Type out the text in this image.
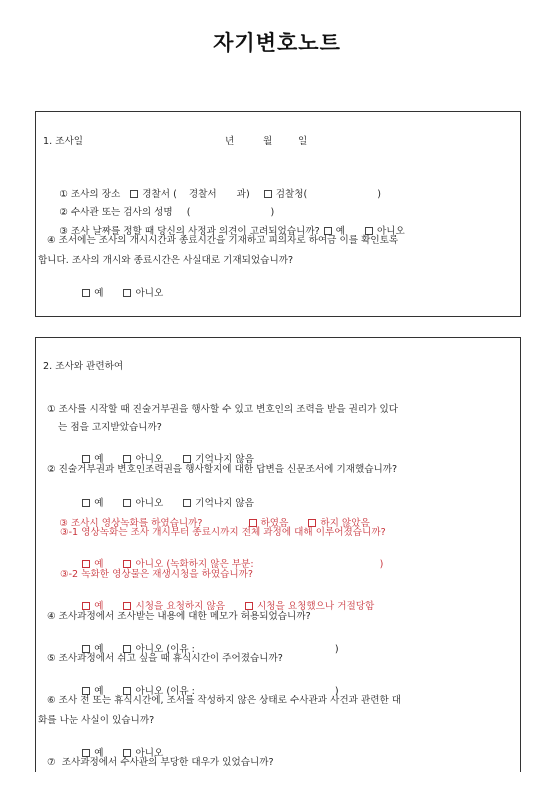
자기변호노트
1. 조사일	년	월	일

① 조사의 장소 경찰서 ( 경찰서 과)	검찰청(	)

② 수사관 또는 검사의 성명 (	)

③ 조사 날짜를 정할 때 당신의 사정과 의견이 고려되었습니까? 예	아니오

④ 조서에는 조사의 개시시간과 종료시간을 기재하고 피의자로 하여금 이를 확인토록
합니다. 조사의 개시와 종료시간은 사실대로 기재되었습니까?

예	아니오

2. 조사와 관련하여
① 조사를 시작할 때 진술거부권을 행사할 수 있고 변호인의 조력을 받을 권리가 있다
는 점을 고지받았습니까?

예	아니오	기억나지 않음

② 진술거부권과 변호인조력권을 행사할지에 대한 답변을 신문조서에 기재했습니까?

예	아니오	기억나지 않음

③ 조사시 영상녹화를 하였습니까?	하였음	하지 않았음

③-1 영상녹화는 조사 개시부터 종료시까지 전체 과정에 대해 이루어졌습니까?

예	아니오 (녹화하지 않은 부분:	)

③-2 녹화한 영상물은 재생시청을 하였습니까?

예	시청을 요청하지 않음	시청을 요청했으나 거절당함

④ 조사과정에서 조사받는 내용에 대한 메모가 허용되었습니까?

예	아니오 (이유 :	)

⑤ 조사과정에서 쉬고 싶을 때 휴식시간이 주어졌습니까?

예	아니오 (이유 :	)

⑥ 조사 전 또는 휴식시간에, 조서를 작성하지 않은 상태로 수사관과 사건과 관련한 대
화를 나눈 사실이 있습니까?

예	아니오

⑦  조사과정에서 수사관의 부당한 대우가 있었습니까?
